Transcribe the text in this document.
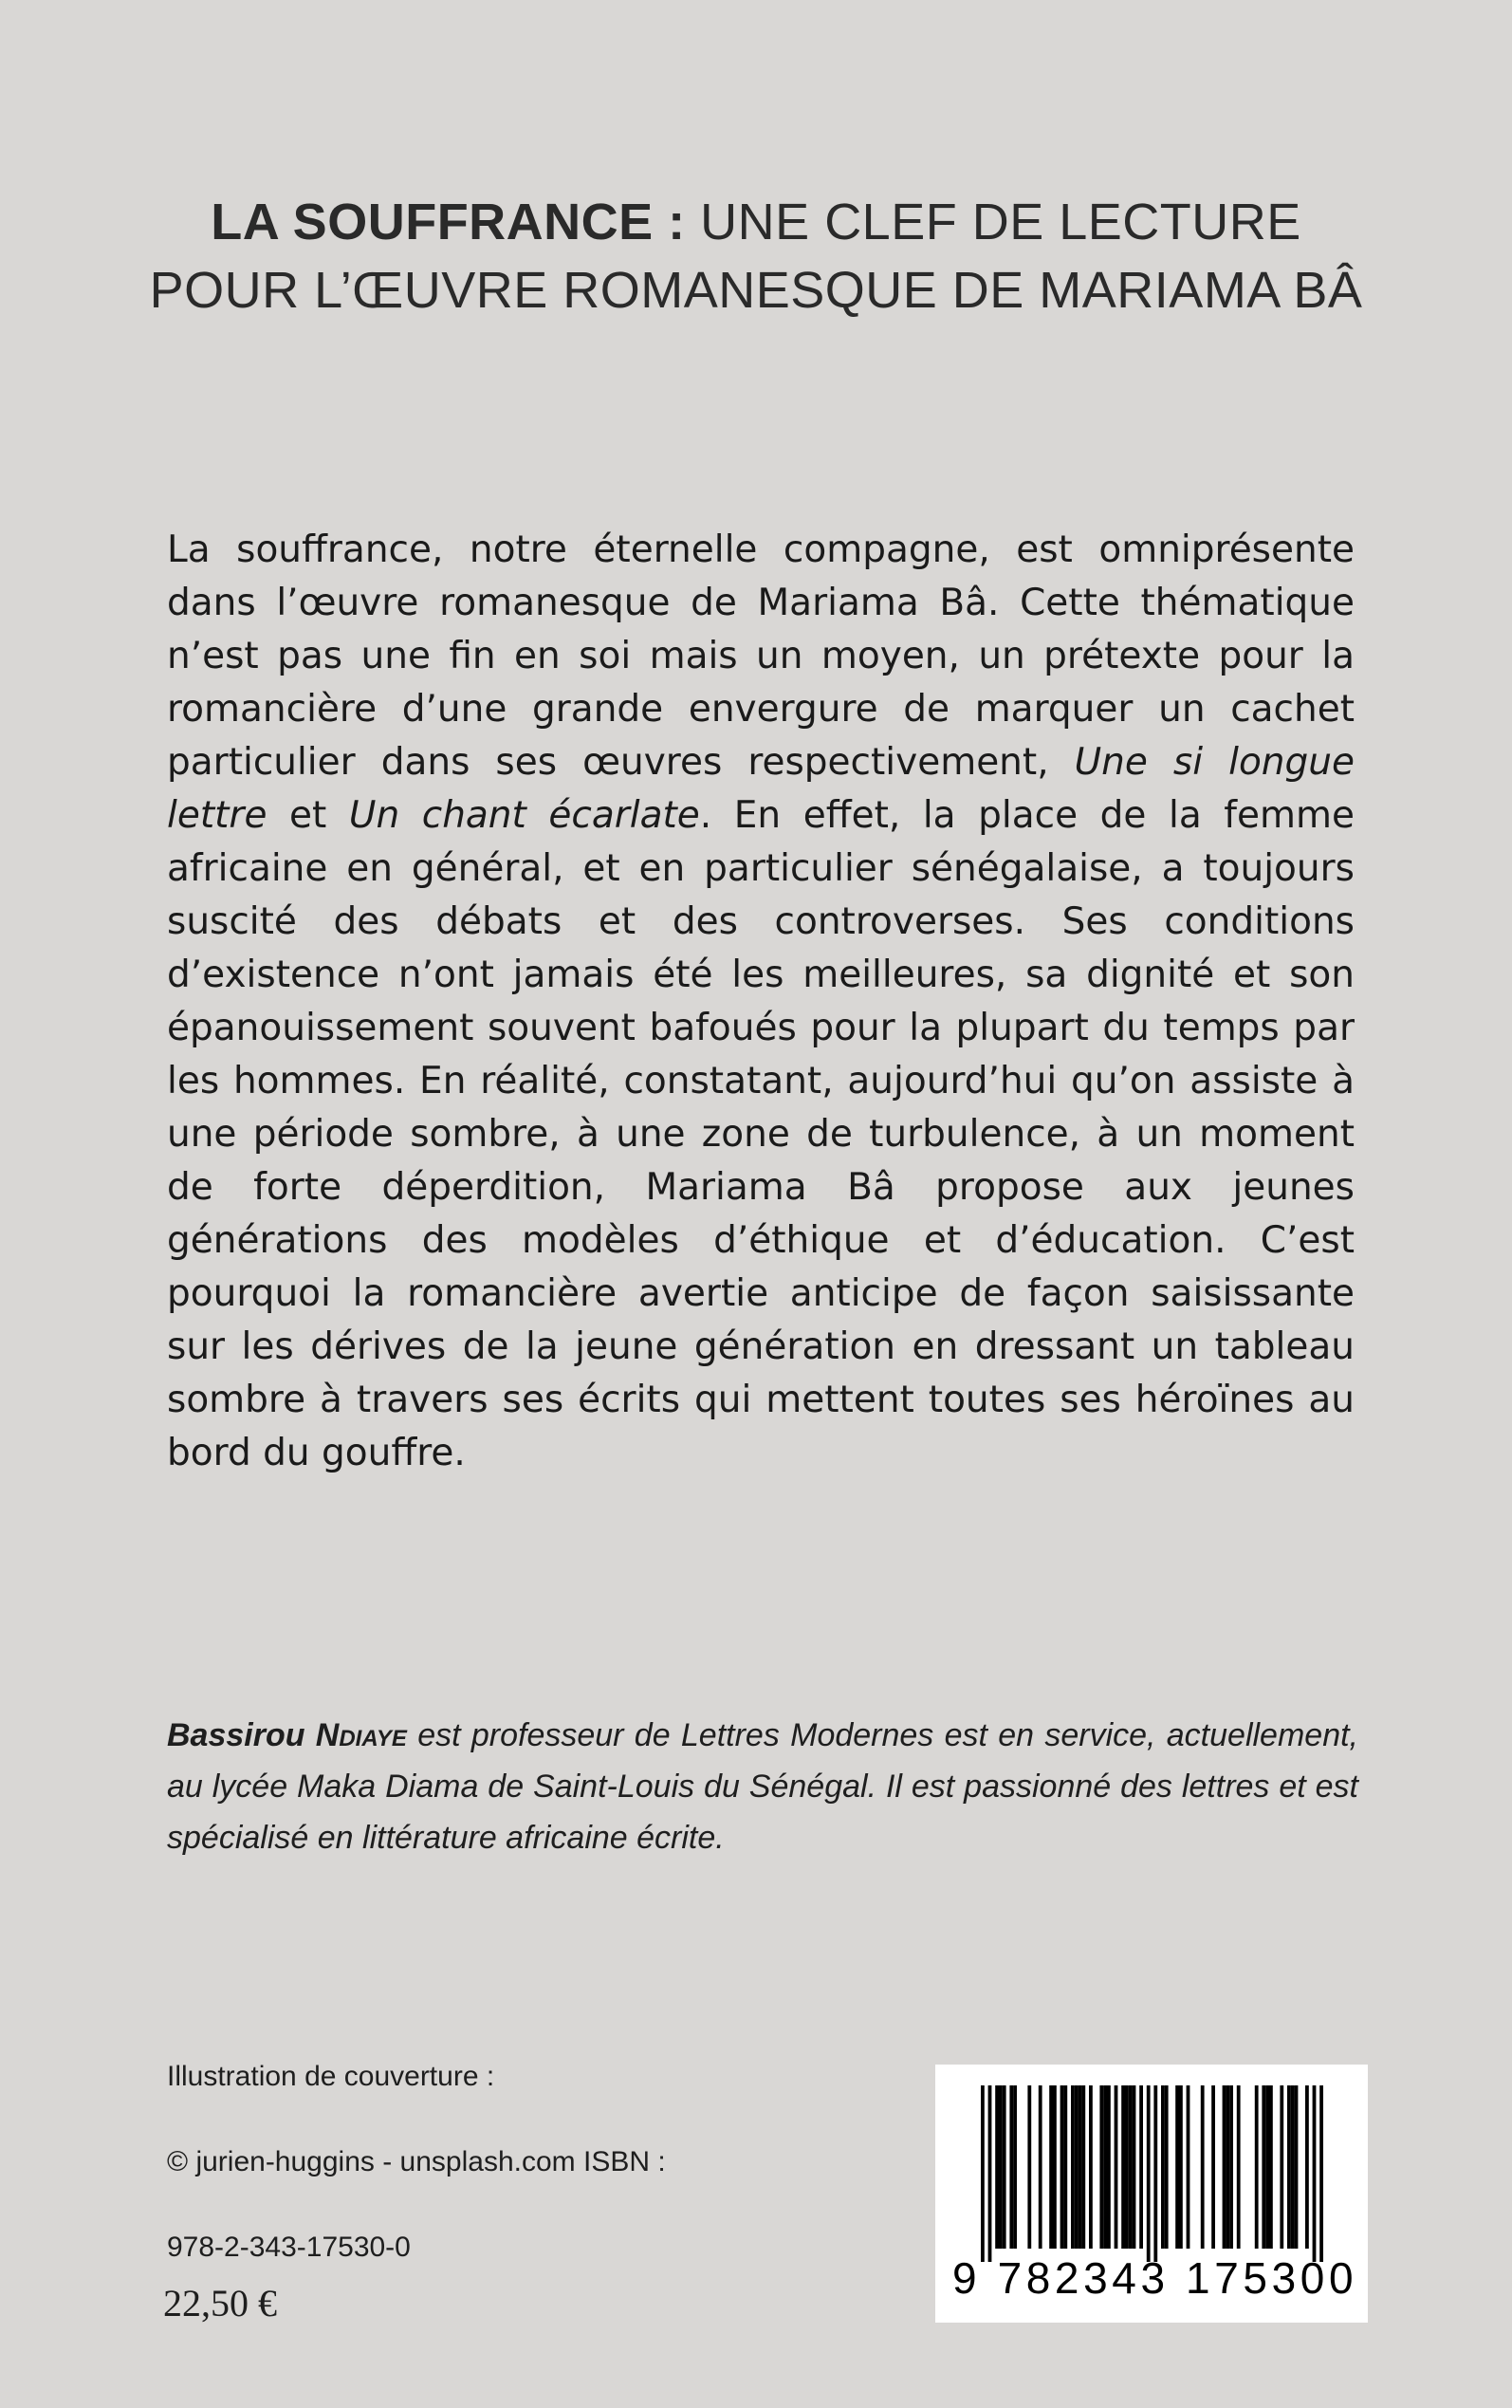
LA SOUFFRANCE : UNE CLEF DE LECTURE
POUR L’ŒUVRE ROMANESQUE DE MARIAMA BÂ
La souffrance, notre éternelle compagne, est omniprésente dans l’œuvre romanesque de Mariama Bâ. Cette thématique n’est pas une fin en soi mais un moyen, un prétexte pour la romancière d’une grande envergure de marquer un cachet particulier dans ses œuvres respectivement, Une si longue lettre et Un chant écarlate. En effet, la place de la femme africaine en général, et en particulier sénégalaise, a toujours suscité des débats et des controverses. Ses conditions d’existence n’ont jamais été les meilleures, sa dignité et son épanouissement souvent bafoués pour la plupart du temps par les hommes. En réalité, constatant, aujourd’hui qu’on assiste à une période sombre, à une zone de turbulence, à un moment de forte déperdition, Mariama Bâ propose aux jeunes générations des modèles d’éthique et d’éducation. C’est pourquoi la romancière avertie anticipe de façon saisissante sur les dérives de la jeune génération en dressant un tableau sombre à travers ses écrits qui mettent toutes ses héroïnes au bord du gouffre.
Bassirou Ndiaye est professeur de Lettres Modernes est en service, actuellement, au lycée Maka Diama de Saint-Louis du Sénégal. Il est passionné des lettres et est spécialisé en littérature africaine écrite.
Illustration de couverture :
© jurien-huggins - unsplash.com ISBN :
978-2-343-17530-0
22,50 €
9 782343 175300
